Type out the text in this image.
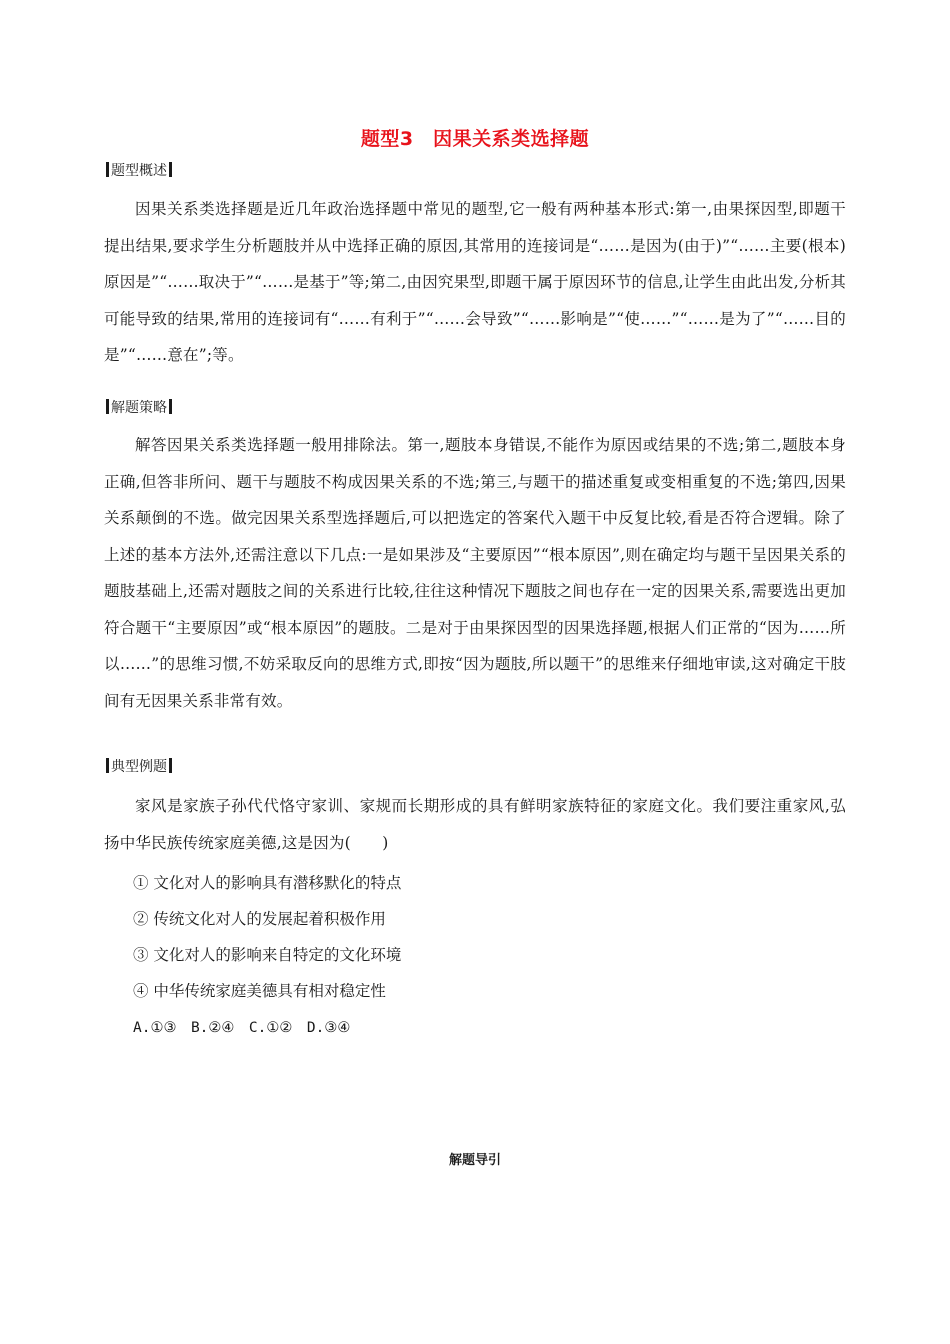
题型3　因果关系类选择题
题型概述

因果关系类选择题是近几年政治选择题中常见的题型,它一般有两种基本形式:第一,由果探因型,即题干提出结果,要求学生分析题肢并从中选择正确的原因,其常用的连接词是“……是因为(由于)”“……主要(根本)原因是”“……取决于”“……是基于”等;第二,由因究果型,即题干属于原因环节的信息,让学生由此出发,分析其可能导致的结果,常用的连接词有“……有利于”“……会导致”“……影响是”“使……”“……是为了”“……目的是”“……意在”;等。

解题策略

解答因果关系类选择题一般用排除法。第一,题肢本身错误,不能作为原因或结果的不选;第二,题肢本身正确,但答非所问、题干与题肢不构成因果关系的不选;第三,与题干的描述重复或变相重复的不选;第四,因果关系颠倒的不选。做完因果关系型选择题后,可以把选定的答案代入题干中反复比较,看是否符合逻辑。除了上述的基本方法外,还需注意以下几点:一是如果涉及“主要原因”“根本原因”,则在确定均与题干呈因果关系的题肢基础上,还需对题肢之间的关系进行比较,往往这种情况下题肢之间也存在一定的因果关系,需要选出更加符合题干“主要原因”或“根本原因”的题肢。二是对于由果探因型的因果选择题,根据人们正常的“因为……所以……”的思维习惯,不妨采取反向的思维方式,即按“因为题肢,所以题干”的思维来仔细地审读,这对确定干肢间有无因果关系非常有效。

典型例题

家风是家族子孙代代恪守家训、家规而长期形成的具有鲜明家族特征的家庭文化。我们要注重家风,弘扬中华民族传统家庭美德,这是因为(　　)

① 文化对人的影响具有潜移默化的特点
② 传统文化对人的发展起着积极作用
③ 文化对人的影响来自特定的文化环境
④ 中华传统家庭美德具有相对稳定性
A.①③　B.②④　C.①②　D.③④
解题导引
